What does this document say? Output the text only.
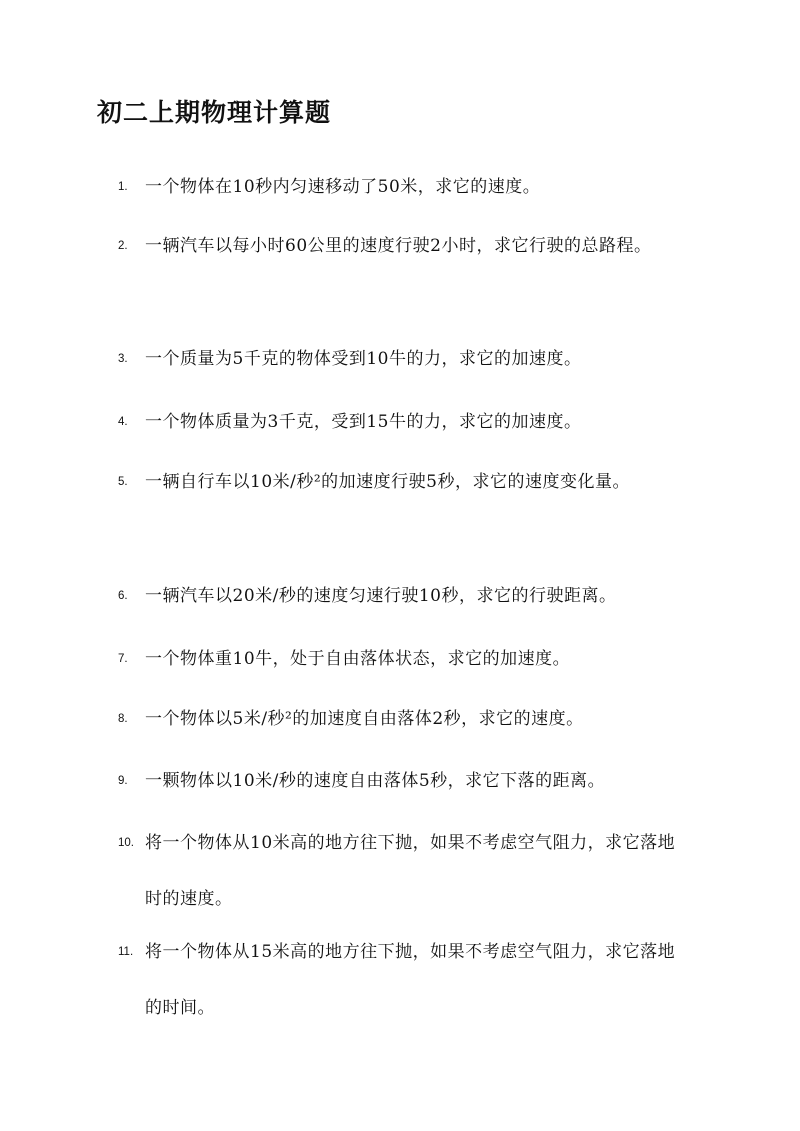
初二上期物理计算题
1. 一个物体在10秒内匀速移动了50米，求它的速度。
2. 一辆汽车以每小时60公里的速度行驶2小时，求它行驶的总路程。
3. 一个质量为5千克的物体受到10牛的力，求它的加速度。
4. 一个物体质量为3千克，受到15牛的力，求它的加速度。
5. 一辆自行车以10米/秒²的加速度行驶5秒，求它的速度变化量。
6. 一辆汽车以20米/秒的速度匀速行驶10秒，求它的行驶距离。
7. 一个物体重10牛，处于自由落体状态，求它的加速度。
8. 一个物体以5米/秒²的加速度自由落体2秒，求它的速度。
9. 一颗物体以10米/秒的速度自由落体5秒，求它下落的距离。
10. 将一个物体从10米高的地方往下抛，如果不考虑空气阻力，求它落地时的速度。
11. 将一个物体从15米高的地方往下抛，如果不考虑空气阻力，求它落地的时间。
